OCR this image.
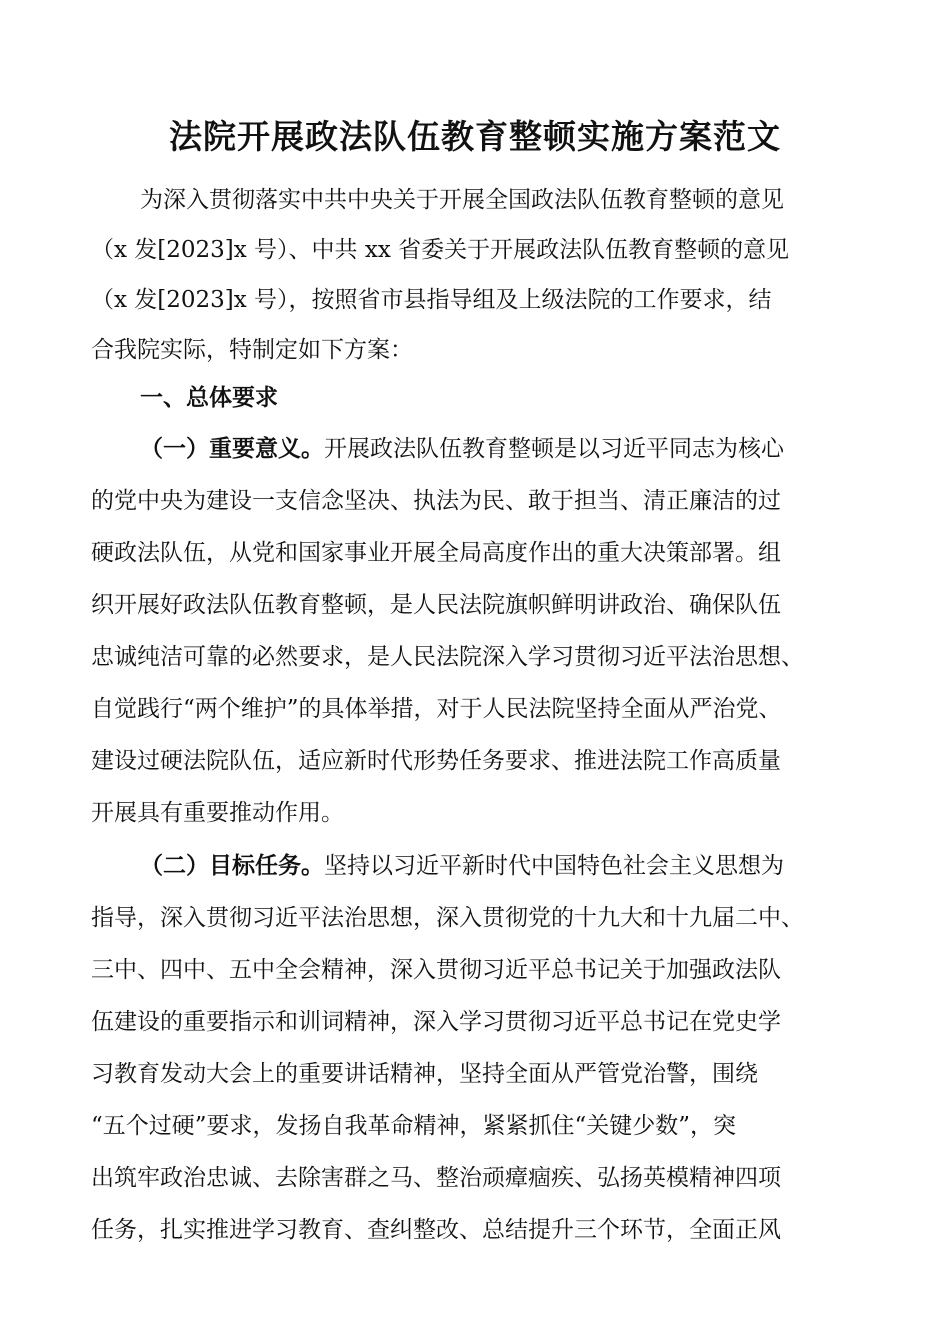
法院开展政法队伍教育整顿实施方案范文
为深入贯彻落实中共中央关于开展全国政法队伍教育整顿的意见
（x 发[2023]x 号）、中共 xx 省委关于开展政法队伍教育整顿的意见
（x 发[2023]x 号），按照省市县指导组及上级法院的工作要求，结
合我院实际，特制定如下方案：
一、总体要求
（一）重要意义。开展政法队伍教育整顿是以习近平同志为核心
的党中央为建设一支信念坚决、执法为民、敢于担当、清正廉洁的过
硬政法队伍，从党和国家事业开展全局高度作出的重大决策部署。组
织开展好政法队伍教育整顿，是人民法院旗帜鲜明讲政治、确保队伍
忠诚纯洁可靠的必然要求，是人民法院深入学习贯彻习近平法治思想、
自觉践行“两个维护”的具体举措，对于人民法院坚持全面从严治党、
建设过硬法院队伍，适应新时代形势任务要求、推进法院工作高质量
开展具有重要推动作用。
（二）目标任务。坚持以习近平新时代中国特色社会主义思想为
指导，深入贯彻习近平法治思想，深入贯彻党的十九大和十九届二中、
三中、四中、五中全会精神，深入贯彻习近平总书记关于加强政法队
伍建设的重要指示和训词精神，深入学习贯彻习近平总书记在党史学
习教育发动大会上的重要讲话精神，坚持全面从严管党治警，围绕
“五个过硬”要求，发扬自我革命精神，紧紧抓住“关键少数”，突
出筑牢政治忠诚、去除害群之马、整治顽瘴痼疾、弘扬英模精神四项
任务，扎实推进学习教育、查纠整改、总结提升三个环节，全面正风
